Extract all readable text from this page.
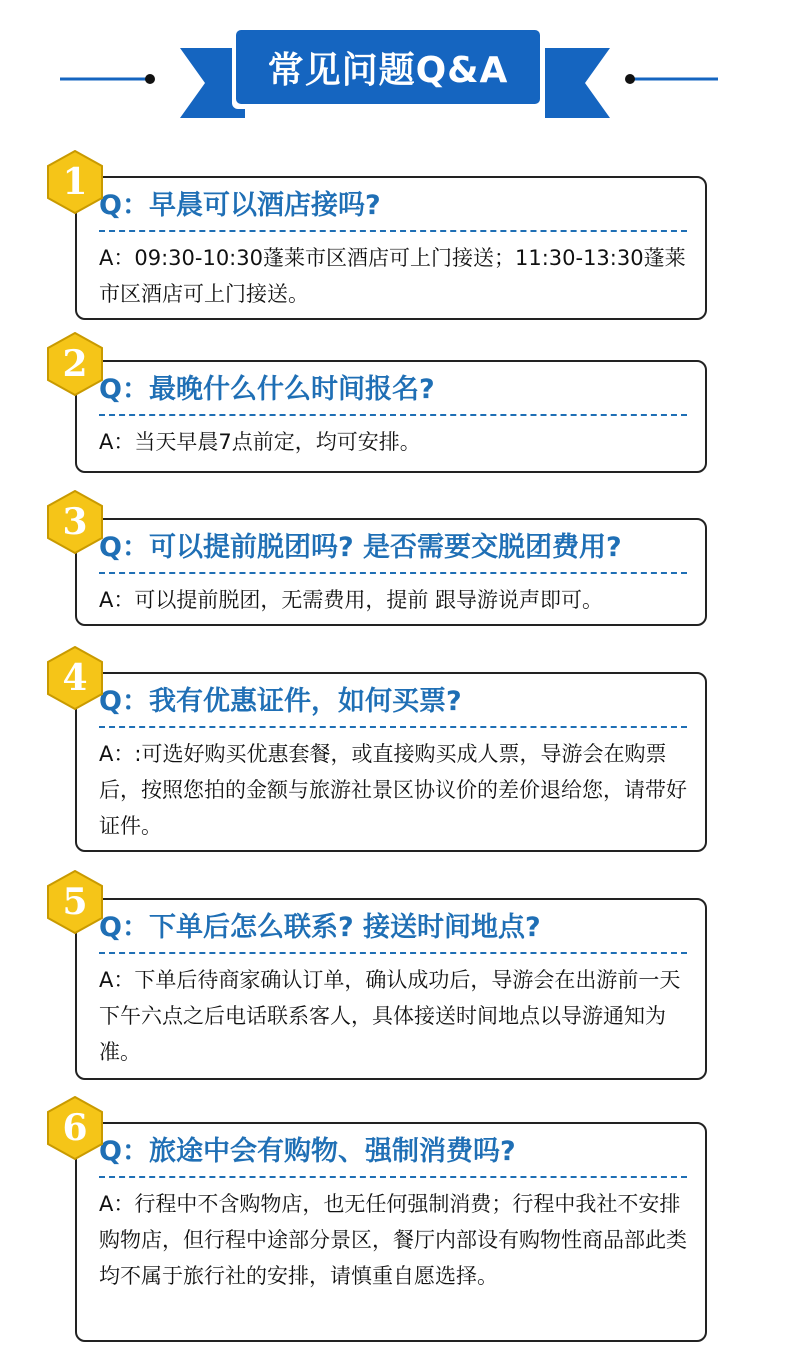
常见问题Q&A
Q：早晨可以酒店接吗?
A：09:30-10:30蓬莱市区酒店可上门接送；11:30-13:30蓬莱市区酒店可上门接送。
1
Q：最晚什么什么时间报名?
A：当天早晨7点前定，均可安排。
2
Q：可以提前脱团吗? 是否需要交脱团费用?
A：可以提前脱团，无需费用，提前 跟导游说声即可。
3
Q：我有优惠证件，如何买票?
A：:可选好购买优惠套餐，或直接购买成人票，导游会在购票后，按照您拍的金额与旅游社景区协议价的差价退给您，请带好证件。
4
Q：下单后怎么联系? 接送时间地点?
A：下单后待商家确认订单，确认成功后，导游会在出游前一天下午六点之后电话联系客人，具体接送时间地点以导游通知为准。
5
Q：旅途中会有购物、强制消费吗?
A：行程中不含购物店，也无任何强制消费；行程中我社不安排购物店，但行程中途部分景区，餐厅内部设有购物性商品部此类均不属于旅行社的安排，请慎重自愿选择。
6
